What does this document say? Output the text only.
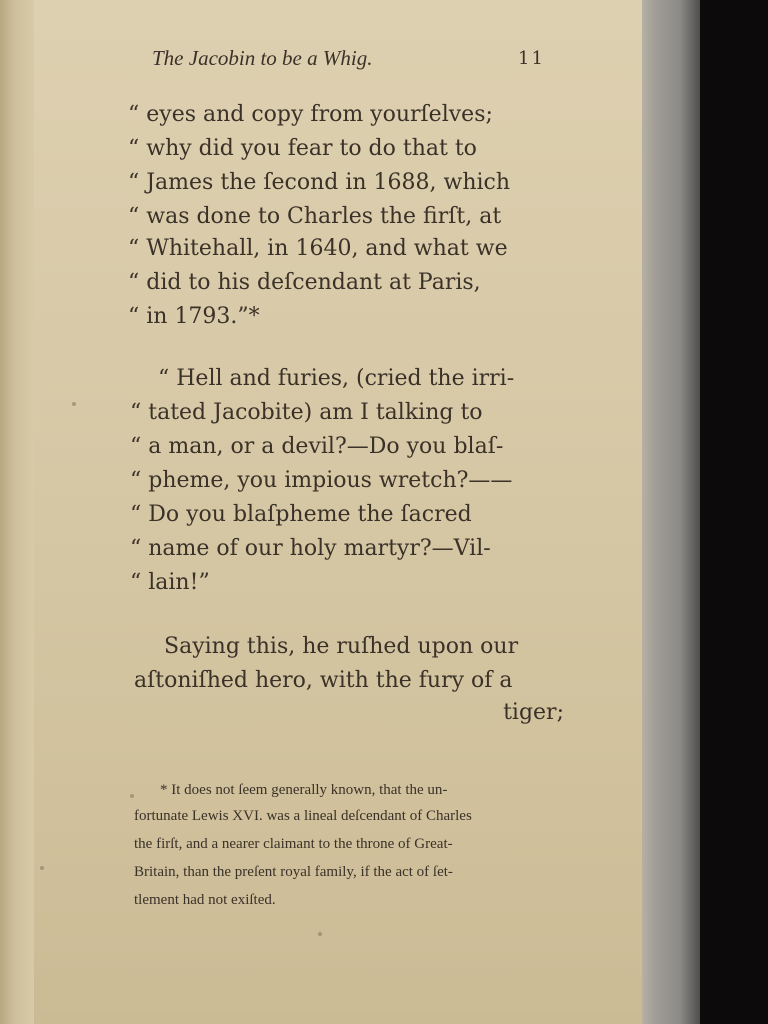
The Jacobin to be a Whig.	11
“ eyes and copy from yourſelves;
“ why did you fear to do that to
“ James the ſecond in 1688, which
“ was done to Charles the firſt, at
“ Whitehall, in 1640, and what we
“ did to his deſcendant at Paris,
“ in 1793.”*
“ Hell and furies, (cried the irri-
“ tated Jacobite) am I talking to
“ a man, or a devil?—Do you blaſ-
“ pheme, you impious wretch?——
“ Do you blaſpheme the ſacred
“ name of our holy martyr?—Vil-
“ lain!”
Saying this, he ruſhed upon our
aſtoniſhed hero, with the fury of a
tiger;
* It does not ſeem generally known, that the un-
fortunate Lewis XVI. was a lineal deſcendant of Charles
the firſt, and a nearer claimant to the throne of Great-
Britain, than the preſent royal family, if the act of ſet-
tlement had not exiſted.
